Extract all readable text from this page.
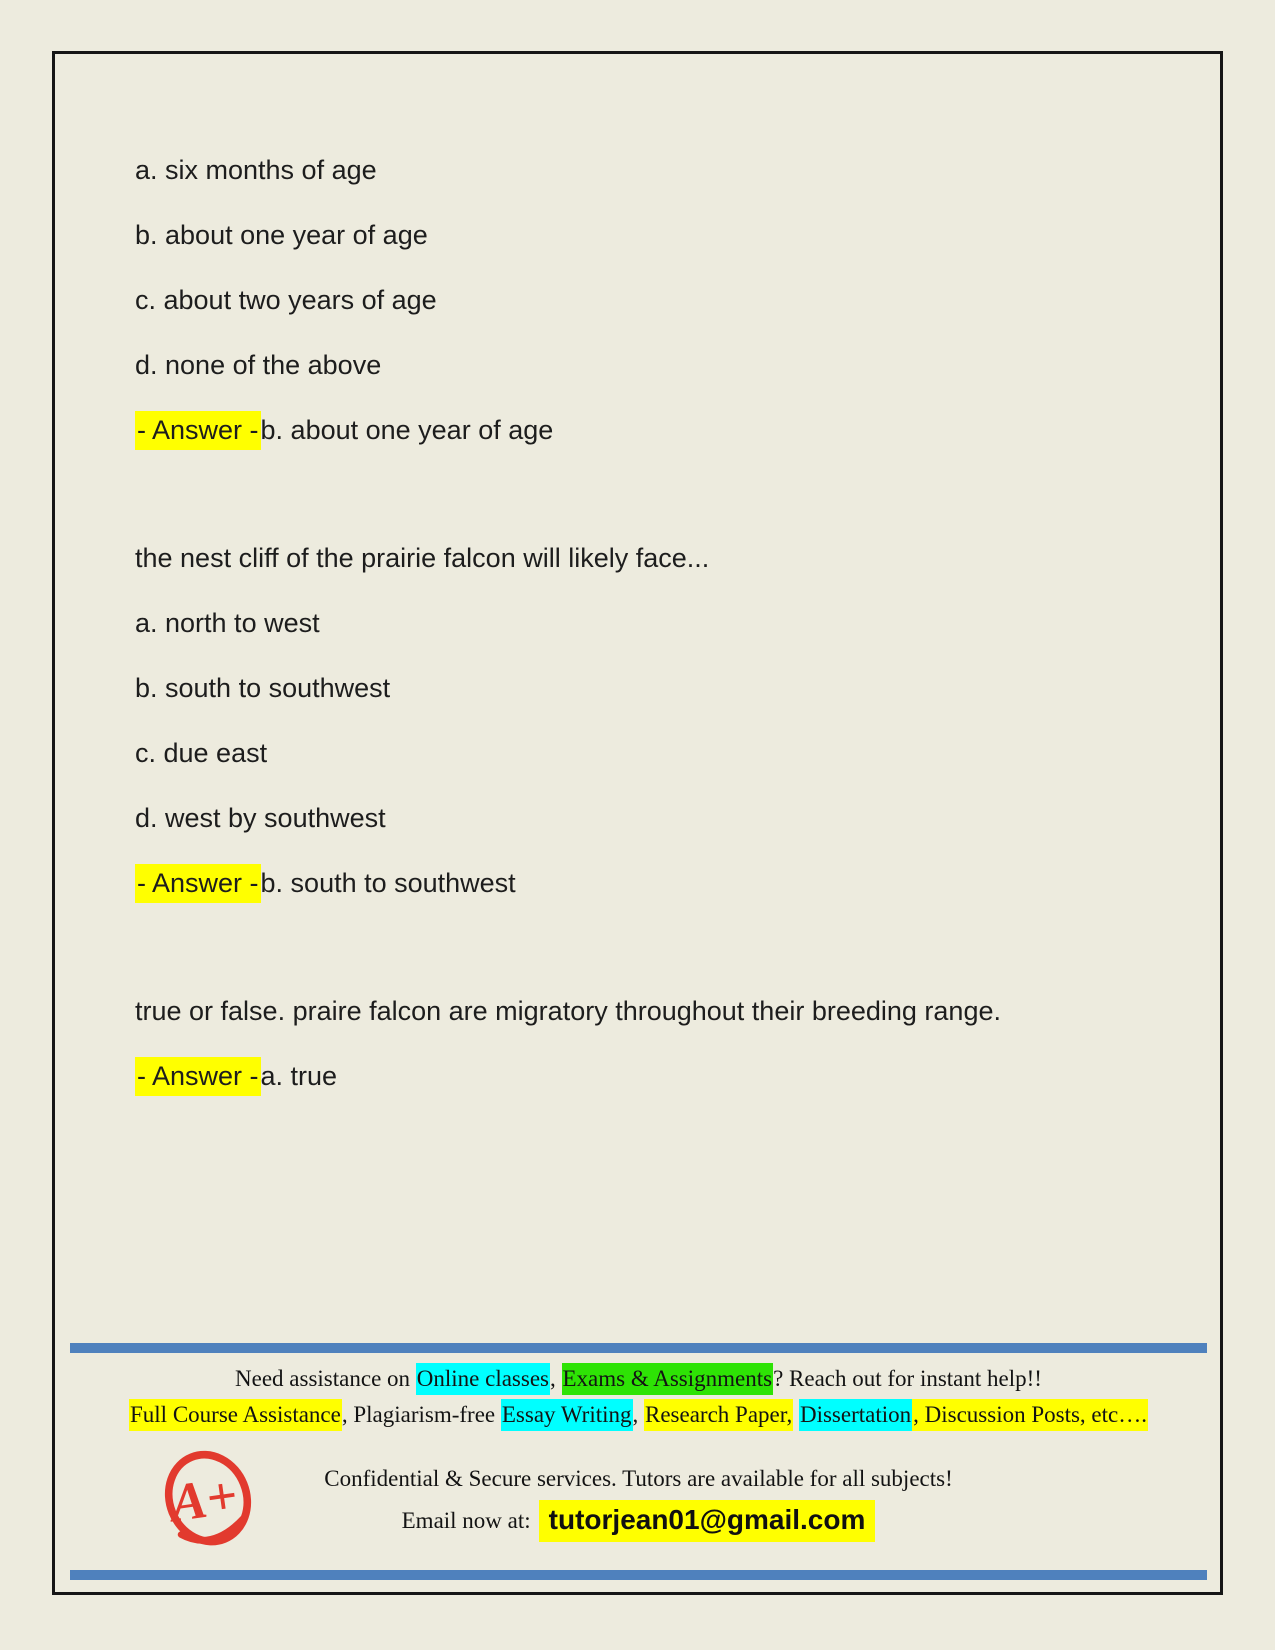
a. six months of age

b. about one year of age

c. about two years of age

d. none of the above

- Answer -b. about one year of age

the nest cliff of the prairie falcon will likely face...

a. north to west

b. south to southwest

c. due east

d. west by southwest

- Answer -b. south to southwest

true or false. praire falcon are migratory throughout their breeding range.

- Answer -a. true

Need assistance on Online classes, Exams & Assignments? Reach out for instant help!!
Full Course Assistance, Plagiarism-free Essay Writing, Research Paper, Dissertation, Discussion Posts, etc….
A+	Confidential & Secure services. Tutors are available for all subjects!
Email now at: tutorjean01@gmail.com
